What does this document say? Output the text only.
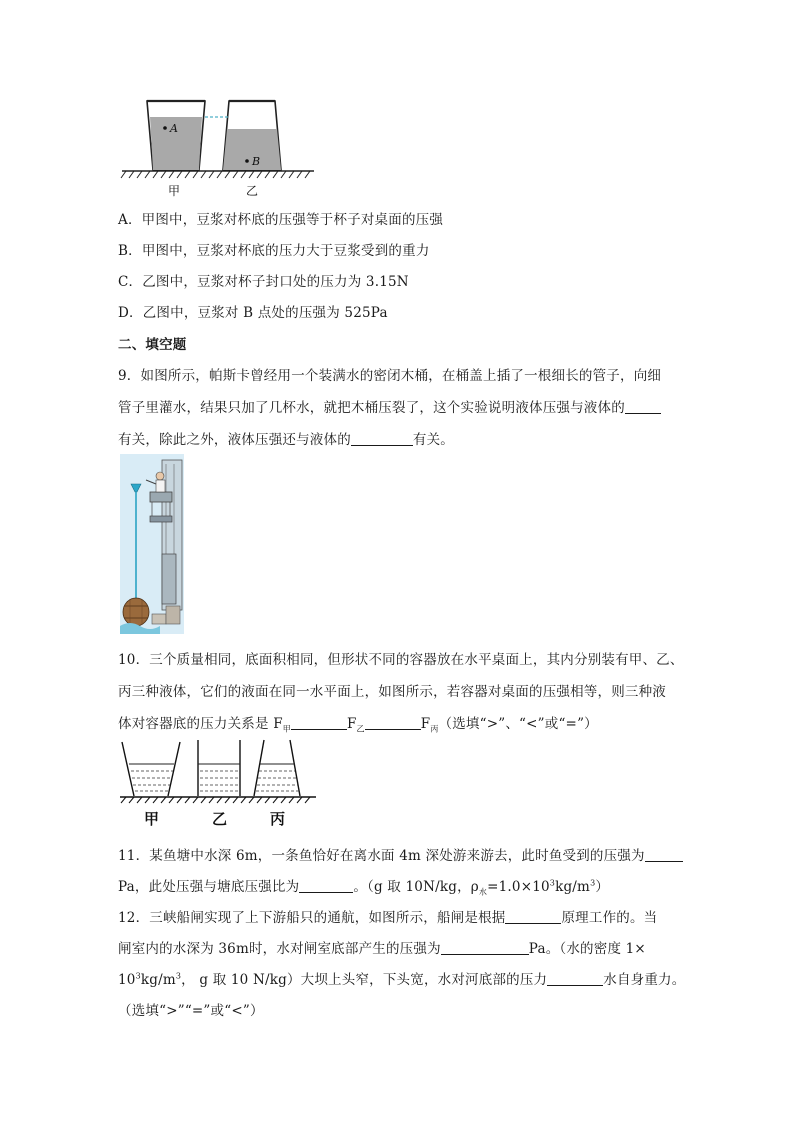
A
B
甲	乙
A．甲图中，豆浆对杯底的压强等于杯子对桌面的压强
B．甲图中，豆浆对杯底的压力大于豆浆受到的重力
C．乙图中，豆浆对杯子封口处的压力为 3.15N
D．乙图中，豆浆对 B 点处的压强为 525Pa
二、填空题
9．如图所示，帕斯卡曾经用一个装满水的密闭木桶，在桶盖上插了一根细长的管子，向细
管子里灌水，结果只加了几杯水，就把木桶压裂了，这个实验说明液体压强与液体的
有关，除此之外，液体压强还与液体的	有关。
10．三个质量相同，底面积相同，但形状不同的容器放在水平桌面上，其内分别装有甲、乙、
丙三种液体，它们的液面在同一水平面上，如图所示，若容器对桌面的压强相等，则三种液
体对容器底的压力关系是 $F_甲$	$F_乙$	$F_丙$（选填“>”、“<”或“=”）
甲	乙	丙
11．某鱼塘中水深 6m，一条鱼恰好在离水面 4m 深处游来游去，此时鱼受到的压强为
Pa，此处压强与塘底压强比为	。（g 取 10N/kg，$\rho_水=1.0\times 10^3kg/m^3$）
12．三峡船闸实现了上下游船只的通航，如图所示，船闸是根据	原理工作的。当
闸室内的水深为 36m时，水对闸室底部产生的压强为	Pa。（水的密度 1×
$10^3kg/m^3$， g 取 10 N/kg）大坝上头窄，下头宽，水对河底部的压力	水自身重力。
（选填“>”“=”或“<”）
